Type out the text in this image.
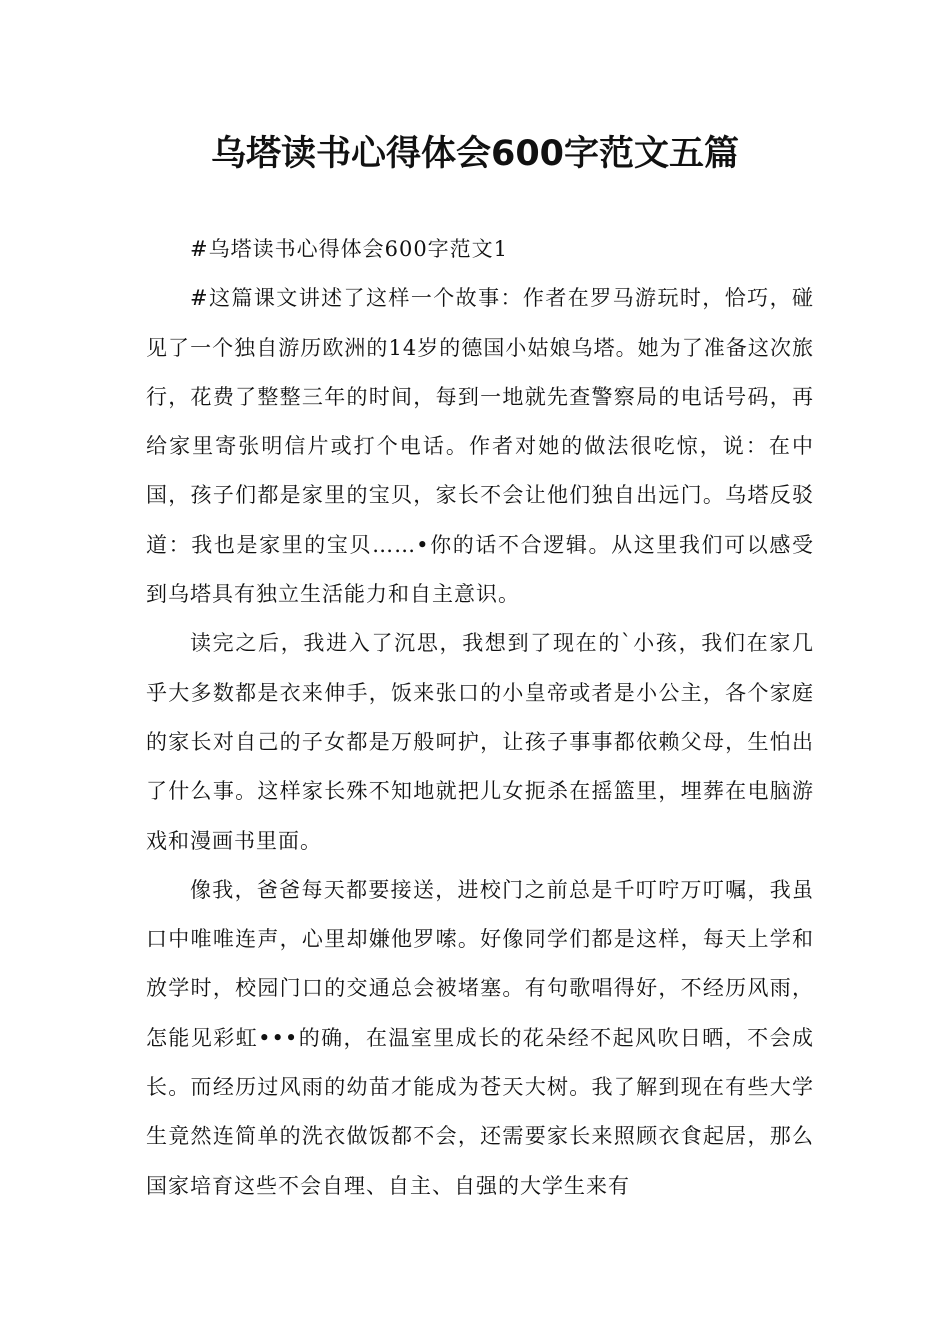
乌塔读书心得体会600字范文五篇

#乌塔读书心得体会600字范文1

#这篇课文讲述了这样一个故事：作者在罗马游玩时，恰巧，碰见了一个独自游历欧洲的14岁的德国小姑娘乌塔。她为了准备这次旅行，花费了整整三年的时间，每到一地就先查警察局的电话号码，再给家里寄张明信片或打个电话。作者对她的做法很吃惊，说：在中国，孩子们都是家里的宝贝，家长不会让他们独自出远门。乌塔反驳道：我也是家里的宝贝……•你的话不合逻辑。从这里我们可以感受到乌塔具有独立生活能力和自主意识。

读完之后，我进入了沉思，我想到了现在的`小孩，我们在家几乎大多数都是衣来伸手，饭来张口的小皇帝或者是小公主，各个家庭的家长对自己的子女都是万般呵护，让孩子事事都依赖父母，生怕出了什么事。这样家长殊不知地就把儿女扼杀在摇篮里，埋葬在电脑游戏和漫画书里面。

像我，爸爸每天都要接送，进校门之前总是千叮咛万叮嘱，我虽口中唯唯连声，心里却嫌他罗嗦。好像同学们都是这样，每天上学和放学时，校园门口的交通总会被堵塞。有句歌唱得好，不经历风雨，怎能见彩虹•••的确，在温室里成长的花朵经不起风吹日晒，不会成长。而经历过风雨的幼苗才能成为苍天大树。我了解到现在有些大学生竟然连简单的洗衣做饭都不会，还需要家长来照顾衣食起居，那么国家培育这些不会自理、自主、自强的大学生来有
